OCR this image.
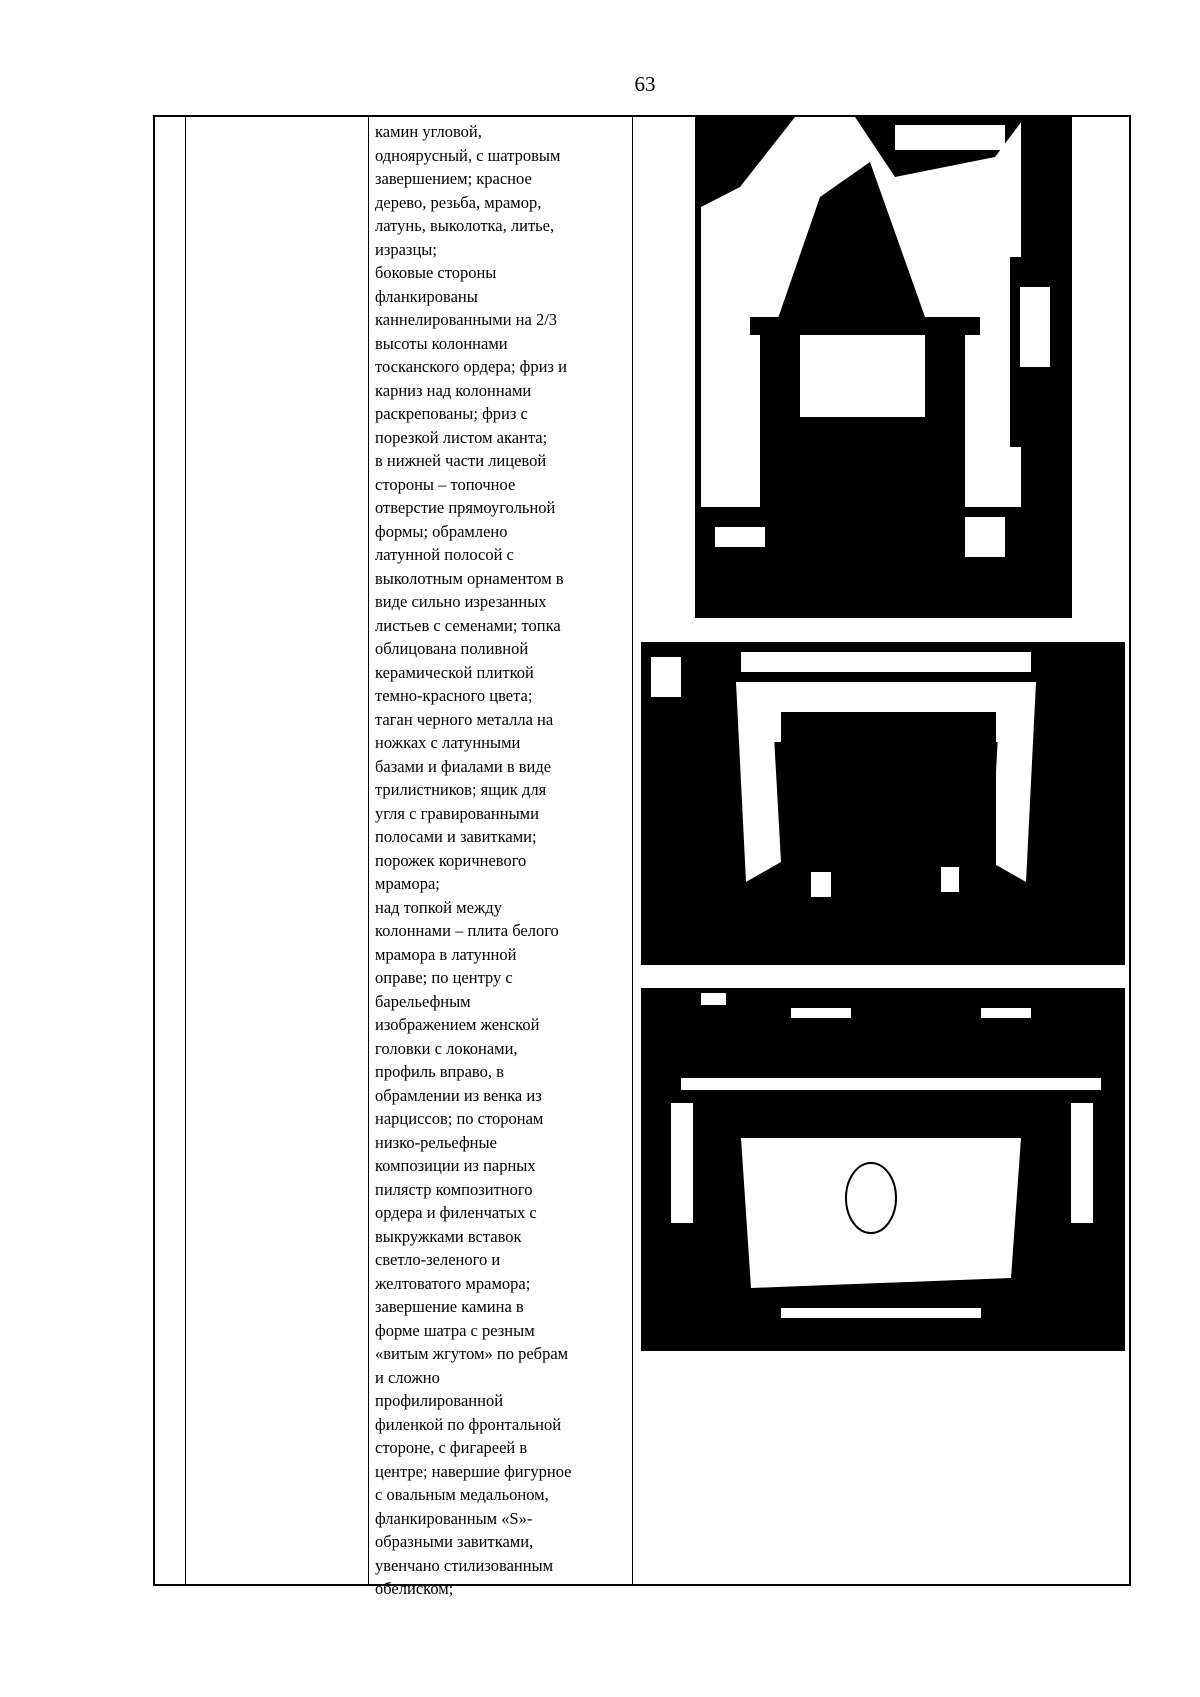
63
камин угловой,
одноярусный, с шатровым
завершением; красное
дерево, резьба, мрамор,
латунь, выколотка, литье,
изразцы;
боковые стороны
фланкированы
каннелированными на 2/3
высоты колоннами
тосканского ордера; фриз и
карниз над колоннами
раскрепованы; фриз с
порезкой листом аканта;
в нижней части лицевой
стороны – топочное
отверстие прямоугольной
формы; обрамлено
латунной полосой с
выколотным орнаментом в
виде сильно изрезанных
листьев с семенами; топка
облицована поливной
керамической плиткой
темно-красного цвета;
таган черного металла на
ножках с латунными
базами и фиалами в виде
трилистников; ящик для
угля с гравированными
полосами и завитками;
порожек коричневого
мрамора;
над топкой между
колоннами – плита белого
мрамора в латунной
оправе; по центру с
барельефным
изображением женской
головки с локонами,
профиль вправо, в
обрамлении из венка из
нарциссов; по сторонам
низко-рельефные
композиции из парных
пилястр композитного
ордера и филенчатых с
выкружками вставок
светло-зеленого и
желтоватого мрамора;
завершение камина в
форме шатра с резным
«витым жгутом» по ребрам
и сложно
профилированной
филенкой по фронтальной
стороне, с фигареей в
центре; навершие фигурное
с овальным медальоном,
фланкированным «S»-
образными завитками,
увенчано стилизованным
обелиском;
